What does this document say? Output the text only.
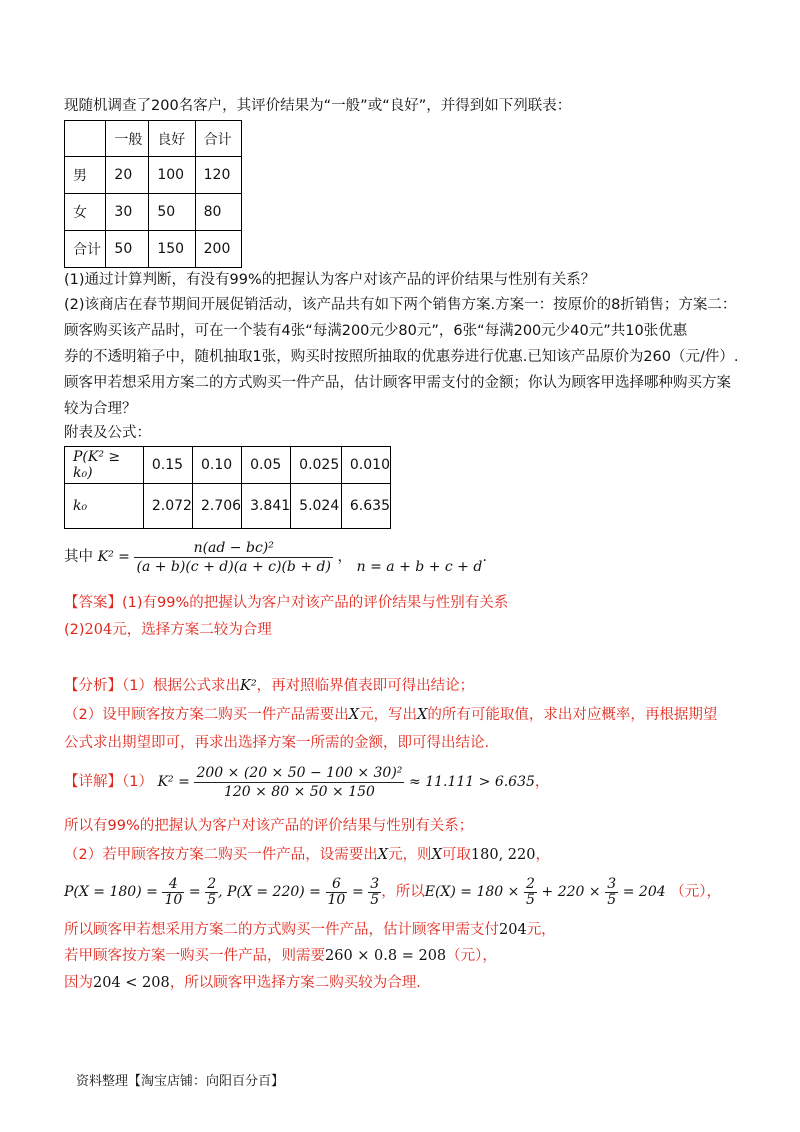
现随机调查了200名客户，其评价结果为“一般”或“良好”，并得到如下列联表：
	一般	良好	合计
男	20	100	120
女	30	50	80
合计	50	150	200
(1)通过计算判断，有没有99%的把握认为客户对该产品的评价结果与性别有关系？
(2)该商店在春节期间开展促销活动，该产品共有如下两个销售方案.方案一：按原价的8折销售；方案二：
顾客购买该产品时，可在一个装有4张“每满200元少80元”，6张“每满200元少40元”共10张优惠
券的不透明箱子中，随机抽取1张，购买时按照所抽取的优惠券进行优惠.已知该产品原价为260（元/件）.
顾客甲若想采用方案二的方式购买一件产品，估计顾客甲需支付的金额；你认为顾客甲选择哪种购买方案
较为合理？
附表及公式：
P(K² ≥ k₀)	0.15	0.10	0.05	0.025	0.010
k₀	2.072	2.706	3.841	5.024	6.635
其中 $K^2 = \frac{\text{n(ad − bc)²}}{(a + b)(c + d)(a + c)(b + d)}$ ， n = a + b + c + d.
【答案】(1)有99%的把握认为客户对该产品的评价结果与性别有关系
(2)204元，选择方案二较为合理
【分析】（1）根据公式求出K²，再对照临界值表即可得出结论；
（2）设甲顾客按方案二购买一件产品需要出X元，写出X的所有可能取值，求出对应概率，再根据期望
公式求出期望即可，再求出选择方案一所需的金额，即可得出结论.
【详解】（1） $K^2 = \frac{\text{200 × (20 × 50 − 100 × 30)²}}{120 \times 80 \times 50 \times 150} \approx 11.111 > 6.635$，
所以有99%的把握认为客户对该产品的评价结果与性别有关系；
（2）若甲顾客按方案二购买一件产品，设需要出X元，则X可取180, 220，
$P(X = 180) = \frac{4}{10} = \frac{2}{5}$ , $P(X = 220) = \frac{6}{10} = \frac{3}{5}$ ，所以$E(X) = 180 \times \frac{2}{5} + 220 \times \frac{3}{5} = 204$ （元），
所以顾客甲若想采用方案二的方式购买一件产品，估计顾客甲需支付204元，
若甲顾客按方案一购买一件产品，则需要260 × 0.8 = 208（元），
因为204 < 208，所以顾客甲选择方案二购买较为合理.
资料整理【淘宝店铺：向阳百分百】
